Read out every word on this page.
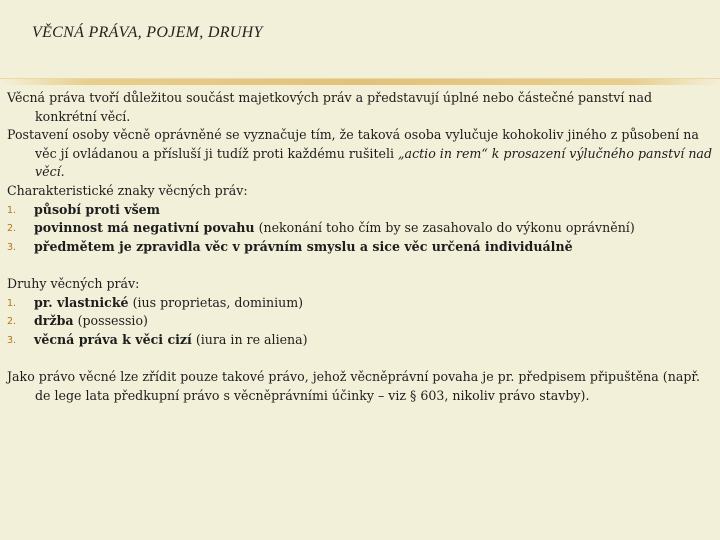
VĚCNÁ PRÁVA, POJEM, DRUHY

Věcná práva tvoří důležitou součást majetkových práv a představují úplné nebo částečné panství nad konkrétní věcí.

Postavení osoby věcně oprávněné se vyznačuje tím, že taková osoba vylučuje kohokoliv jiného z působení na věc jí ovládanou a přísluší ji tudíž proti každému rušiteli „actio in rem“ k prosazení výlučného panství nad věcí.

Charakteristické znaky věcných práv:

1. působí proti všem
2. povinnost má negativní povahu (nekonání toho čím by se zasahovalo do výkonu oprávnění)
3. předmětem je zpravidla věc v právním smyslu a sice věc určená individuálně

Druhy věcných práv:

1. pr. vlastnické (ius proprietas, dominium)
2. držba (possessio)
3. věcná práva k věci cizí (iura in re aliena)

Jako právo věcné lze zřídit pouze takové právo, jehož věcněprávní povaha je pr. předpisem připuštěna (např. de lege lata předkupní právo s věcněprávními účinky – viz § 603, nikoliv právo stavby).
